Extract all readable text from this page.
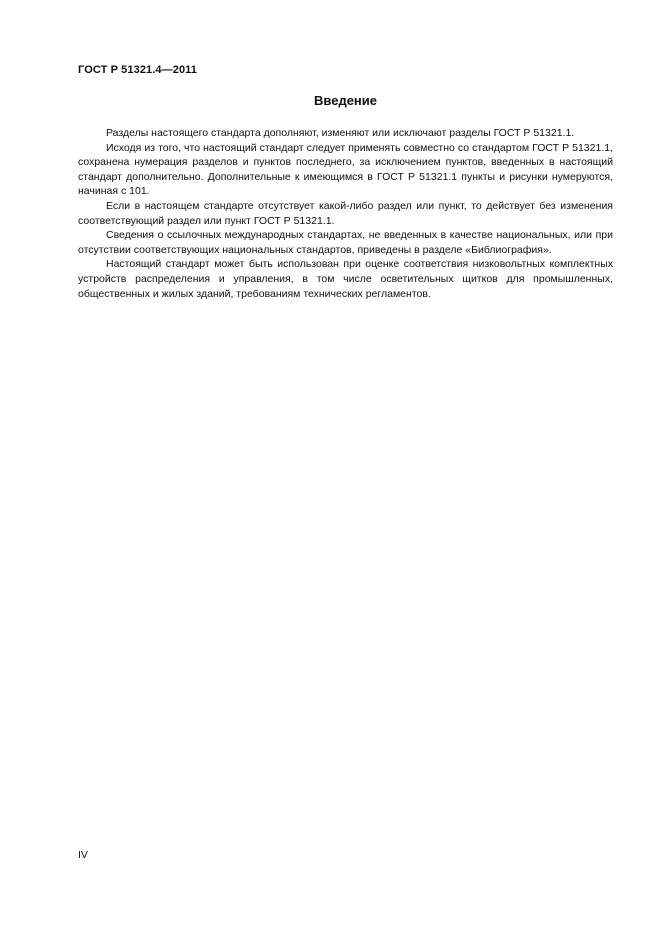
ГОСТ Р 51321.4—2011
Введение

Разделы настоящего стандарта дополняют, изменяют или исключают разделы ГОСТ Р 51321.1.

Исходя из того, что настоящий стандарт следует применять совместно со стандартом ГОСТ Р 51321.1, сохранена нумерация разделов и пунктов последнего, за исключением пунктов, введенных в настоящий стандарт дополнительно. Дополнительные к имеющимся в ГОСТ Р 51321.1 пункты и рисунки нумеруются, начиная с 101.

Если в настоящем стандарте отсутствует какой-либо раздел или пункт, то действует без изменения соответствующий раздел или пункт ГОСТ Р 51321.1.

Сведения о ссылочных международных стандартах, не введенных в качестве национальных, или при отсутствии соответствующих национальных стандартов, приведены в разделе «Библиография».

Настоящий стандарт может быть использован при оценке соответствия низковольтных комплектных устройств распределения и управления, в том числе осветительных щитков для промышленных, общественных и жилых зданий, требованиям технических регламентов.

IV
